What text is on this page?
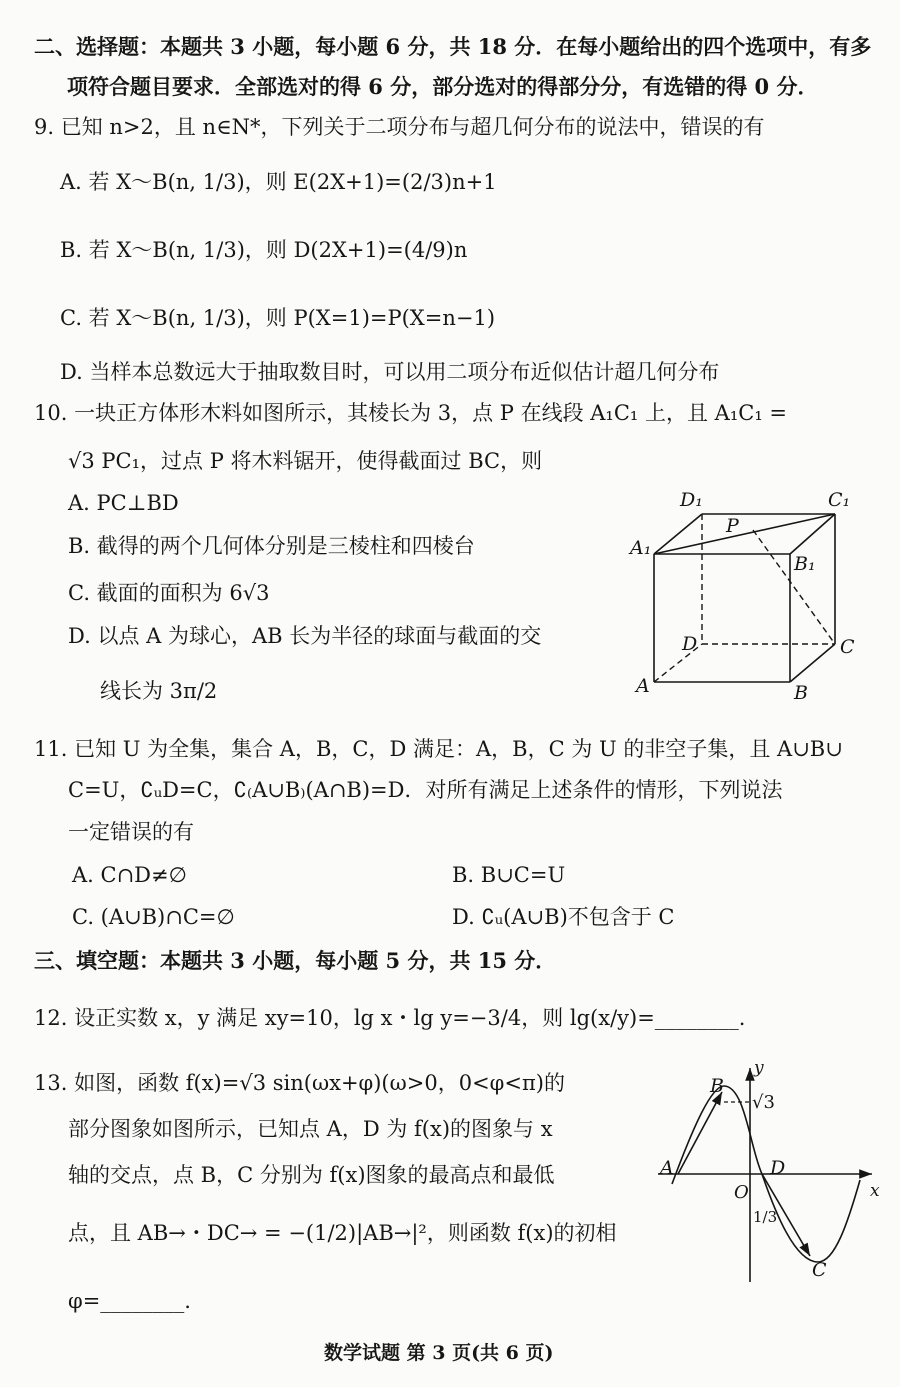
二、选择题：本题共 3 小题，每小题 6 分，共 18 分．在每小题给出的四个选项中，有多
项符合题目要求．全部选对的得 6 分，部分选对的得部分分，有选错的得 0 分．
9. 已知 n>2，且 n∈N*，下列关于二项分布与超几何分布的说法中，错误的有
A. 若 X～B(n, 1/3)，则 E(2X+1)=(2/3)n+1
B. 若 X～B(n, 1/3)，则 D(2X+1)=(4/9)n
C. 若 X～B(n, 1/3)，则 P(X=1)=P(X=n−1)
D. 当样本总数远大于抽取数目时，可以用二项分布近似估计超几何分布
10. 一块正方体形木料如图所示，其棱长为 3，点 P 在线段 A₁C₁ 上，且 A₁C₁ =
√3 PC₁，过点 P 将木料锯开，使得截面过 BC，则
A. PC⊥BD
B. 截得的两个几何体分别是三棱柱和四棱台
C. 截面的面积为 6√3
D. 以点 A 为球心，AB 长为半径的球面与截面的交
线长为 3π/2
D₁	C₁
A₁
B₁
P
D	C
A	B
11. 已知 U 为全集，集合 A，B，C，D 满足：A，B，C 为 U 的非空子集，且 A∪B∪
C=U，∁ᵤD=C，∁₍A∪B₎(A∩B)=D．对所有满足上述条件的情形，下列说法
一定错误的有
A. C∩D≠∅	B. B∪C=U
C. (A∪B)∩C=∅	D. ∁ᵤ(A∪B)不包含于 C
三、填空题：本题共 3 小题，每小题 5 分，共 15 分．
12. 设正实数 x，y 满足 xy=10，lg x・lg y=−3/4，则 lg(x/y)=________.
13. 如图，函数 f(x)=√3 sin(ωx+φ)(ω>0，0<φ<π)的
部分图象如图所示，已知点 A，D 为 f(x)的图象与 x
轴的交点，点 B，C 分别为 f(x)图象的最高点和最低
点，且 AB→・DC→ = −(1/2)|AB→|²，则函数 f(x)的初相
φ=________.
y
x
B
√3
A	D
O
1/3
C
数学试题 第 3 页(共 6 页)
